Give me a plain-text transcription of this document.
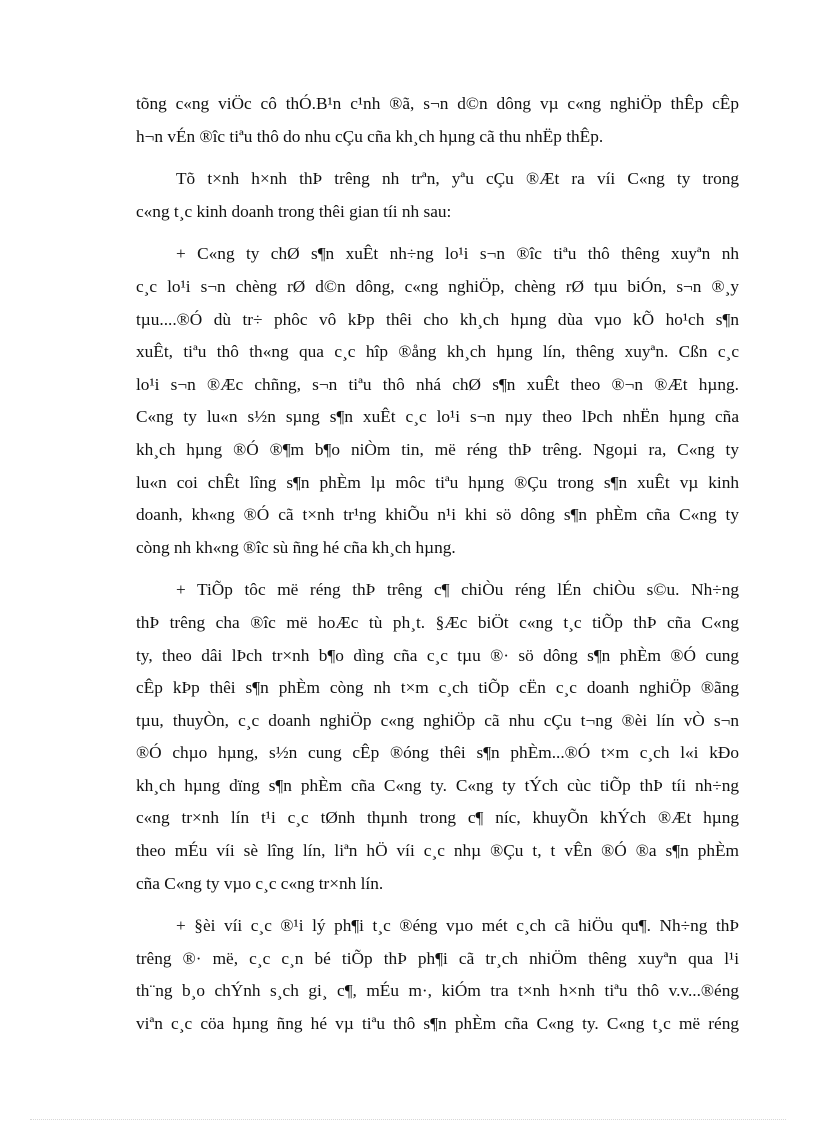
tõng c«ng viÖc cô thÓ.B¹n c¹nh ®ã, s¬n d©n dông vµ c«ng nghiÖp thÊp cÊp
h¬n vÉn ®îc tiªu thô do nhu cÇu cña kh¸ch hµng cã thu nhËp thÊp.
Tõ t×nh h×nh thÞ trêng nh trªn, yªu cÇu ®Æt ra víi C«ng ty trong
c«ng t¸c kinh doanh trong thêi gian tíi nh sau:
+ C«ng ty chØ s¶n xuÊt nh÷ng lo¹i s¬n ®îc tiªu thô thêng xuyªn nh
c¸c lo¹i s¬n chèng rØ d©n dông, c«ng nghiÖp, chèng rØ tµu biÓn, s¬n ®¸y
tµu....®Ó dù tr÷ phôc vô kÞp thêi cho kh¸ch hµng dùa vµo kÕ ho¹ch s¶n
xuÊt, tiªu thô th«ng qua c¸c hîp ®ång kh¸ch hµng lín, thêng xuyªn. Cßn c¸c
lo¹i s¬n ®Æc chñng, s¬n tiªu thô nhá chØ s¶n xuÊt theo ®¬n ®Æt hµng.
C«ng ty lu«n s½n sµng s¶n xuÊt c¸c lo¹i s¬n nµy theo lÞch nhËn hµng cña
kh¸ch hµng ®Ó ®¶m b¶o niÒm tin, më réng thÞ trêng. Ngoµi ra, C«ng ty
lu«n coi chÊt lîng s¶n phÈm lµ môc tiªu hµng ®Çu trong s¶n xuÊt vµ kinh
doanh, kh«ng ®Ó cã t×nh tr¹ng khiÕu n¹i khi sö dông s¶n phÈm cña C«ng ty
còng nh kh«ng ®îc sù ñng hé cña kh¸ch hµng.
+ TiÕp tôc më réng thÞ trêng c¶ chiÒu réng lÉn chiÒu s©u. Nh÷ng
thÞ trêng cha ®îc më hoÆc tù ph¸t. §Æc biÖt c«ng t¸c tiÕp thÞ cña C«ng
ty, theo dâi lÞch tr×nh b¶o dìng cña c¸c tµu ®· sö dông s¶n phÈm ®Ó cung
cÊp kÞp thêi s¶n phÈm còng nh t×m c¸ch tiÕp cËn c¸c doanh nghiÖp ®ãng
tµu, thuyÒn, c¸c doanh nghiÖp c«ng nghiÖp cã nhu cÇu t¬ng ®èi lín vÒ s¬n
®Ó chµo hµng, s½n cung cÊp ®óng thêi s¶n phÈm...®Ó t×m c¸ch l«i kÐo
kh¸ch hµng dïng s¶n phÈm cña C«ng ty. C«ng ty tÝch cùc tiÕp thÞ tíi nh÷ng
c«ng tr×nh lín t¹i c¸c tØnh thµnh trong c¶ níc, khuyÕn khÝch ®Æt hµng
theo mÉu víi sè lîng lín, liªn hÖ víi c¸c nhµ ®Çu t, t vÊn ®Ó ®a s¶n phÈm
cña C«ng ty vµo c¸c c«ng tr×nh lín.
+ §èi víi c¸c ®¹i lý ph¶i t¸c ®éng vµo mét c¸ch cã hiÖu qu¶. Nh÷ng thÞ
trêng ®· më, c¸c c¸n bé tiÕp thÞ ph¶i cã tr¸ch nhiÖm thêng xuyªn qua l¹i
th¨ng b¸o chÝnh s¸ch gi¸ c¶, mÉu m·, kiÓm tra t×nh h×nh tiªu thô v.v...®éng
viªn c¸c cöa hµng ñng hé vµ tiªu thô s¶n phÈm cña C«ng ty. C«ng t¸c më réng
